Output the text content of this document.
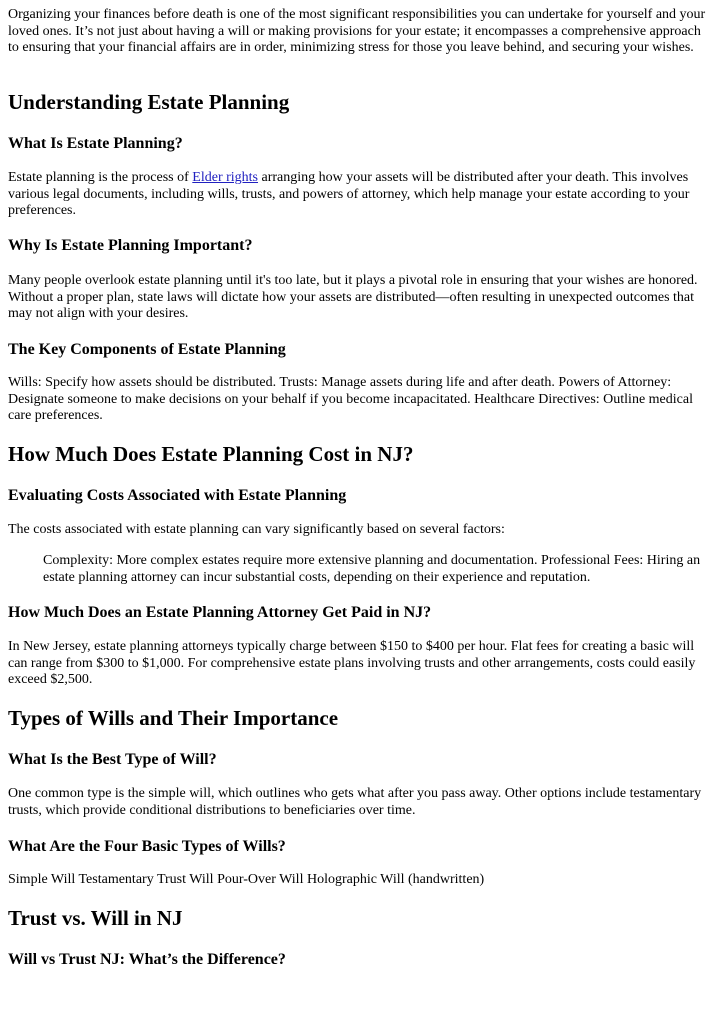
Organizing your finances before death is one of the most significant responsibilities you can undertake for yourself and your loved ones. It’s not just about having a will or making provisions for your estate; it encompasses a comprehensive approach to ensuring that your financial affairs are in order, minimizing stress for those you leave behind, and securing your wishes.

Understanding Estate Planning
What Is Estate Planning?

Estate planning is the process of Elder rights arranging how your assets will be distributed after your death. This involves various legal documents, including wills, trusts, and powers of attorney, which help manage your estate according to your preferences.

Why Is Estate Planning Important?

Many people overlook estate planning until it's too late, but it plays a pivotal role in ensuring that your wishes are honored. Without a proper plan, state laws will dictate how your assets are distributed—often resulting in unexpected outcomes that may not align with your desires.

The Key Components of Estate Planning

Wills: Specify how assets should be distributed. Trusts: Manage assets during life and after death. Powers of Attorney: Designate someone to make decisions on your behalf if you become incapacitated. Healthcare Directives: Outline medical care preferences.

How Much Does Estate Planning Cost in NJ?
Evaluating Costs Associated with Estate Planning

The costs associated with estate planning can vary significantly based on several factors:

Complexity: More complex estates require more extensive planning and documentation. Professional Fees: Hiring an estate planning attorney can incur substantial costs, depending on their experience and reputation.

How Much Does an Estate Planning Attorney Get Paid in NJ?

In New Jersey, estate planning attorneys typically charge between $150 to $400 per hour. Flat fees for creating a basic will can range from $300 to $1,000. For comprehensive estate plans involving trusts and other arrangements, costs could easily exceed $2,500.

Types of Wills and Their Importance
What Is the Best Type of Will?

One common type is the simple will, which outlines who gets what after you pass away. Other options include testamentary trusts, which provide conditional distributions to beneficiaries over time.

What Are the Four Basic Types of Wills?

Simple Will Testamentary Trust Will Pour-Over Will Holographic Will (handwritten)

Trust vs. Will in NJ
Will vs Trust NJ: What’s the Difference?
